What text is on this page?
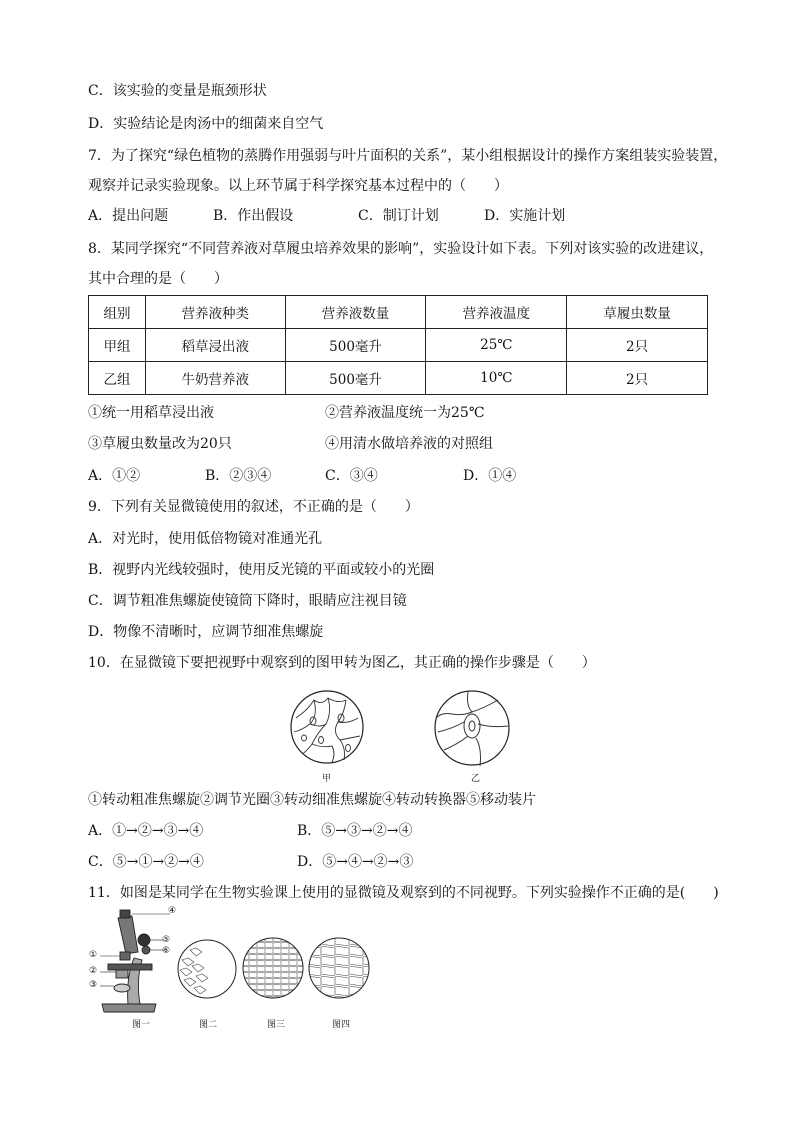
C．该实验的变量是瓶颈形状
D．实验结论是肉汤中的细菌来自空气
7．为了探究“绿色植物的蒸腾作用强弱与叶片面积的关系”，某小组根据设计的操作方案组装实验装置，
观察并记录实验现象。以上环节属于科学探究基本过程中的（　　）
A．提出问题	B．作出假设	C．制订计划	D．实施计划
8．某同学探究“不同营养液对草履虫培养效果的影响”，实验设计如下表。下列对该实验的改进建议，
其中合理的是（　　）
组别	营养液种类	营养液数量	营养液温度	草履虫数量
甲组	稻草浸出液	500毫升	25℃	2只
乙组	牛奶营养液	500毫升	10℃	2只
①统一用稻草浸出液	②营养液温度统一为25℃
③草履虫数量改为20只	④用清水做培养液的对照组
A．①②	B．②③④	C．③④	D．①④
9．下列有关显微镜使用的叙述，不正确的是（　　）
A．对光时，使用低倍物镜对准通光孔
B．视野内光线较强时，使用反光镜的平面或较小的光圈
C．调节粗准焦螺旋使镜筒下降时，眼睛应注视目镜
D．物像不清晰时，应调节细准焦螺旋
10．在显微镜下要把视野中观察到的图甲转为图乙，其正确的操作步骤是（　　）
甲	乙
①转动粗准焦螺旋②调节光圈③转动细准焦螺旋④转动转换器⑤移动装片
A．①→②→③→④	B．⑤→③→②→④
C．⑤→①→②→④	D．⑤→④→②→③
11．如图是某同学在生物实验课上使用的显微镜及观察到的不同视野。下列实验操作不正确的是(　　)
④
①
⑤
⑥
②
③
图一	图二	图三	图四
